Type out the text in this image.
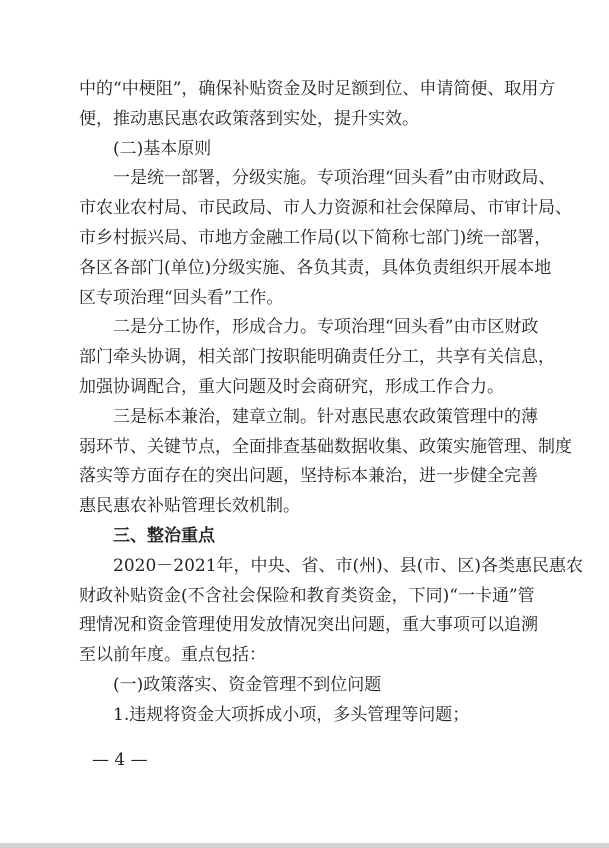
中的“中梗阻”，确保补贴资金及时足额到位、申请简便、取用方
便，推动惠民惠农政策落到实处，提升实效。
(二)基本原则
一是统一部署，分级实施。专项治理“回头看”由市财政局、
市农业农村局、市民政局、市人力资源和社会保障局、市审计局、
市乡村振兴局、市地方金融工作局(以下简称七部门)统一部署，
各区各部门(单位)分级实施、各负其责，具体负责组织开展本地
区专项治理“回头看”工作。
二是分工协作，形成合力。专项治理“回头看”由市区财政
部门牵头协调，相关部门按职能明确责任分工，共享有关信息，
加强协调配合，重大问题及时会商研究，形成工作合力。
三是标本兼治，建章立制。针对惠民惠农政策管理中的薄
弱环节、关键节点，全面排查基础数据收集、政策实施管理、制度
落实等方面存在的突出问题，坚持标本兼治，进一步健全完善
惠民惠农补贴管理长效机制。
三、整治重点
2020－2021年，中央、省、市(州)、县(市、区)各类惠民惠农
财政补贴资金(不含社会保险和教育类资金，下同)“一卡通”管
理情况和资金管理使用发放情况突出问题，重大事项可以追溯
至以前年度。重点包括：
(一)政策落实、资金管理不到位问题
1.违规将资金大项拆成小项，多头管理等问题；
— 4 —
